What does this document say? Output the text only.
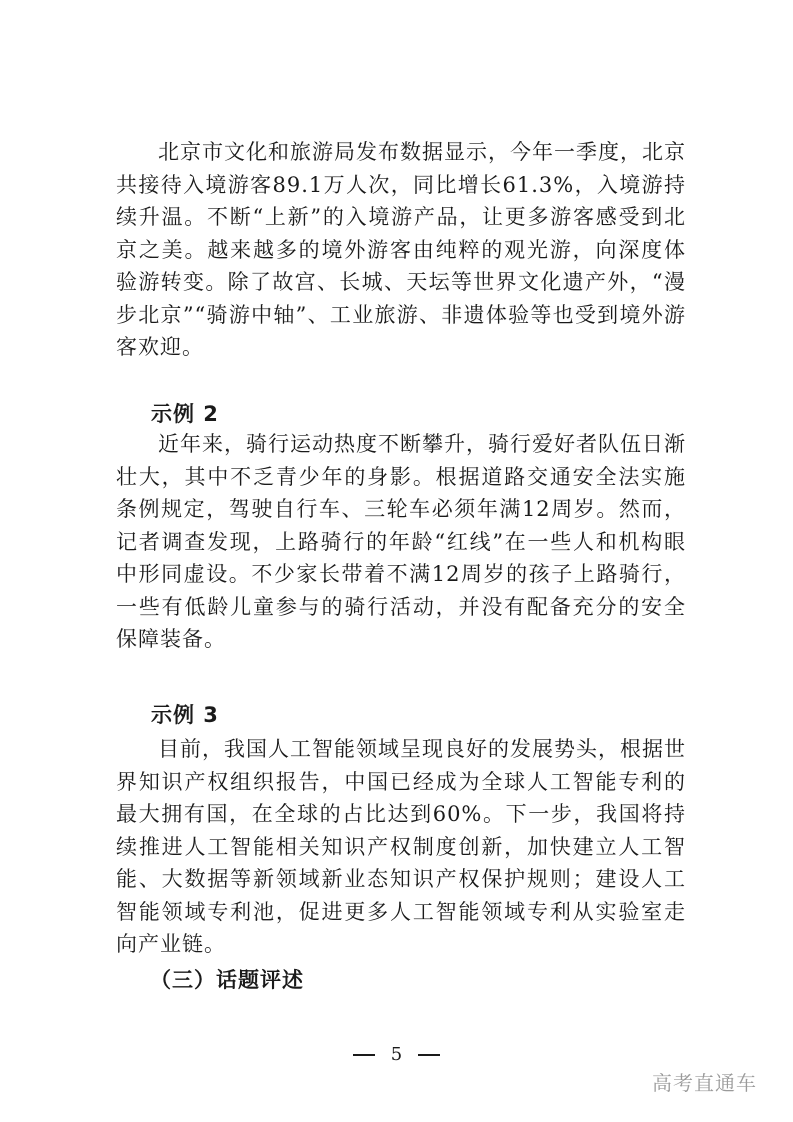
北京市文化和旅游局发布数据显示，今年一季度，北京共接待入境游客89.1万人次，同比增长61.3%，入境游持续升温。不断“上新”的入境游产品，让更多游客感受到北京之美。越来越多的境外游客由纯粹的观光游，向深度体验游转变。除了故宫、长城、天坛等世界文化遗产外，“漫步北京”“骑游中轴”、工业旅游、非遗体验等也受到境外游客欢迎。

示例 2

近年来，骑行运动热度不断攀升，骑行爱好者队伍日渐壮大，其中不乏青少年的身影。根据道路交通安全法实施条例规定，驾驶自行车、三轮车必须年满12周岁。然而，记者调查发现，上路骑行的年龄“红线”在一些人和机构眼中形同虚设。不少家长带着不满12周岁的孩子上路骑行，一些有低龄儿童参与的骑行活动，并没有配备充分的安全保障装备。

示例 3

目前，我国人工智能领域呈现良好的发展势头，根据世界知识产权组织报告，中国已经成为全球人工智能专利的最大拥有国，在全球的占比达到60%。下一步，我国将持续推进人工智能相关知识产权制度创新，加快建立人工智能、大数据等新领域新业态知识产权保护规则；建设人工智能领域专利池，促进更多人工智能领域专利从实验室走向产业链。

（三）话题评述
5
高考直通车
